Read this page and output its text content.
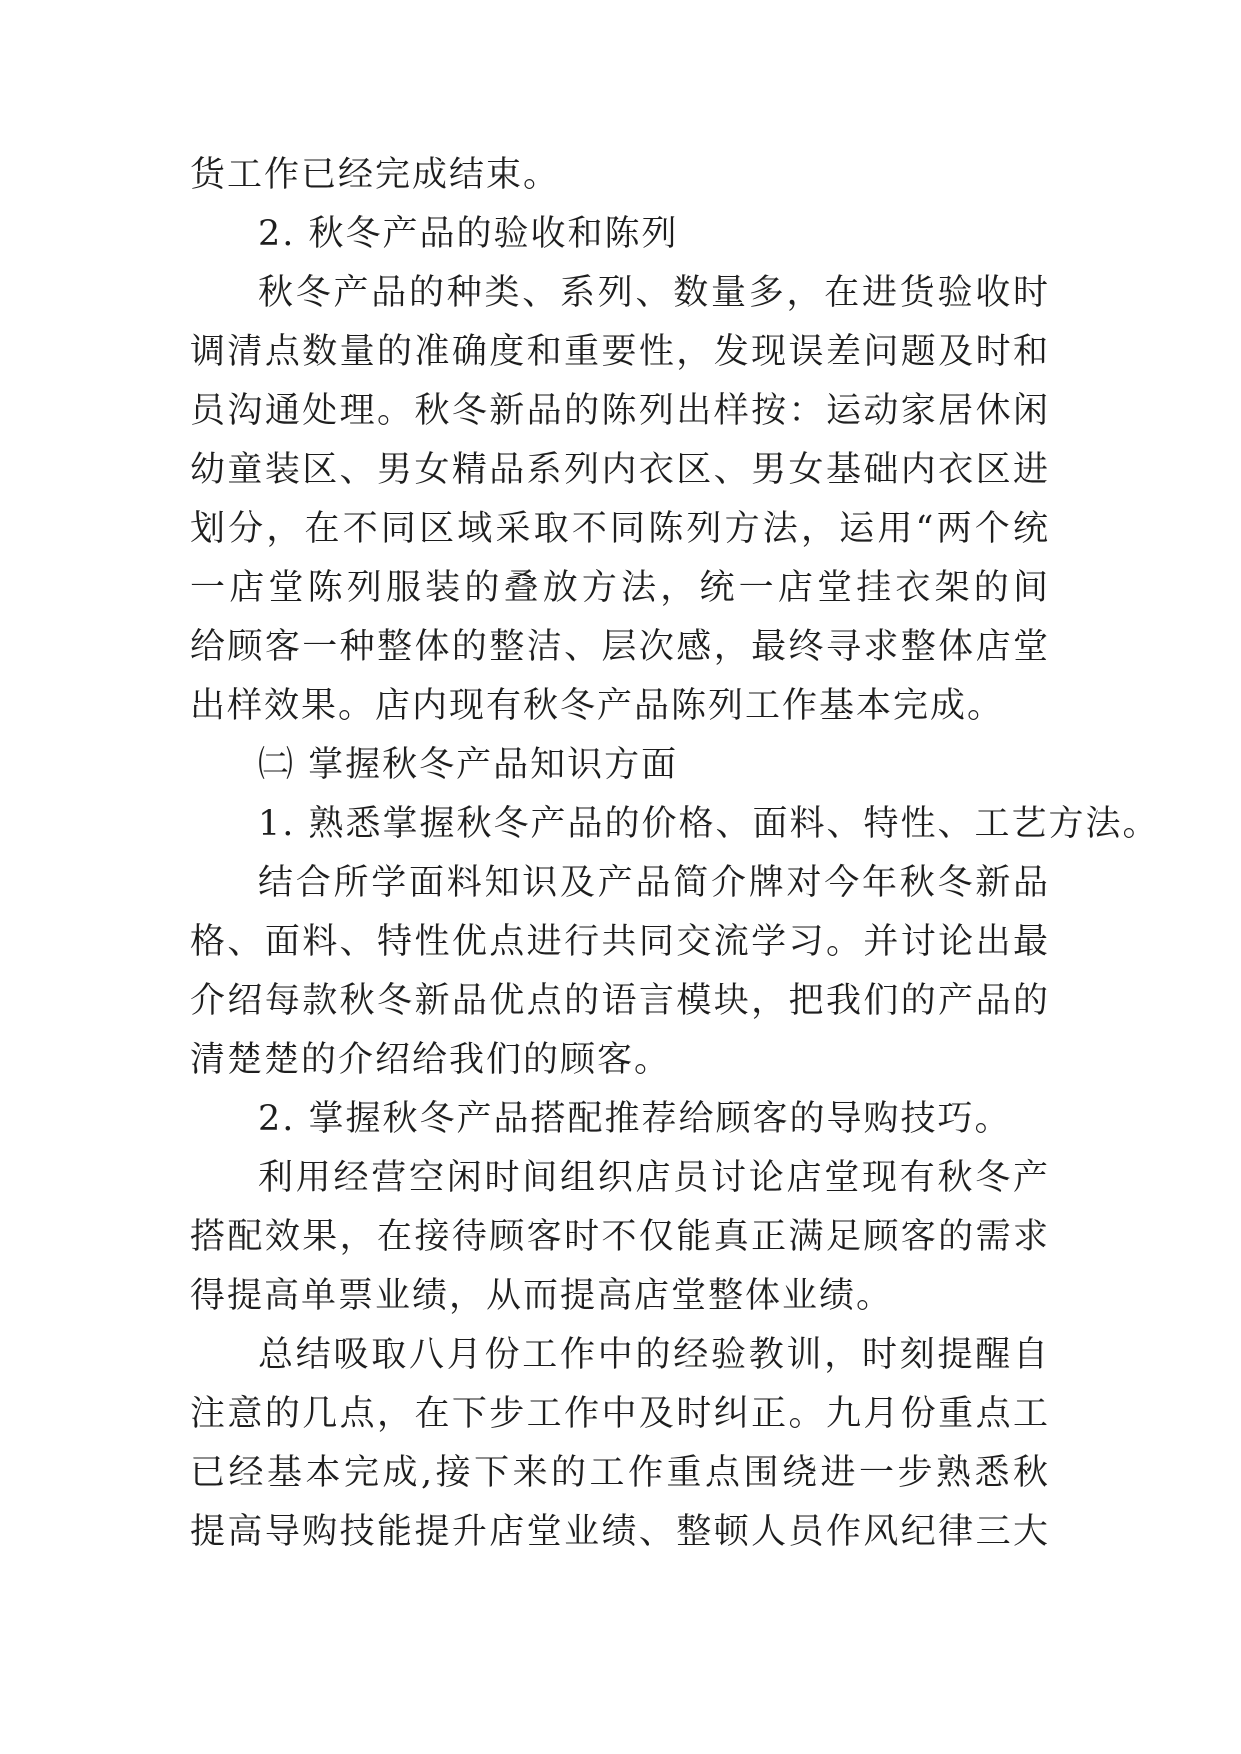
货工作已经完成结束。
2. 秋冬产品的验收和陈列
秋冬产品的种类、系列、数量多，在进货验收时
调清点数量的准确度和重要性，发现误差问题及时和
员沟通处理。秋冬新品的陈列出样按：运动家居休闲
幼童装区、男女精品系列内衣区、男女基础内衣区进
划分，在不同区域采取不同陈列方法，运用“两个统
一店堂陈列服装的叠放方法，统一店堂挂衣架的间
给顾客一种整体的整洁、层次感，最终寻求整体店堂
出样效果。店内现有秋冬产品陈列工作基本完成。
㈡ 掌握秋冬产品知识方面
1. 熟悉掌握秋冬产品的价格、面料、特性、工艺方法。
结合所学面料知识及产品简介牌对今年秋冬新品
格、面料、特性优点进行共同交流学习。并讨论出最
介绍每款秋冬新品优点的语言模块，把我们的产品的
清楚楚的介绍给我们的顾客。
2. 掌握秋冬产品搭配推荐给顾客的导购技巧。
利用经营空闲时间组织店员讨论店堂现有秋冬产
搭配效果，在接待顾客时不仅能真正满足顾客的需求
得提高单票业绩，从而提高店堂整体业绩。
总结吸取八月份工作中的经验教训，时刻提醒自
注意的几点，在下步工作中及时纠正。九月份重点工
已经基本完成,接下来的工作重点围绕进一步熟悉秋
提高导购技能提升店堂业绩、整顿人员作风纪律三大
